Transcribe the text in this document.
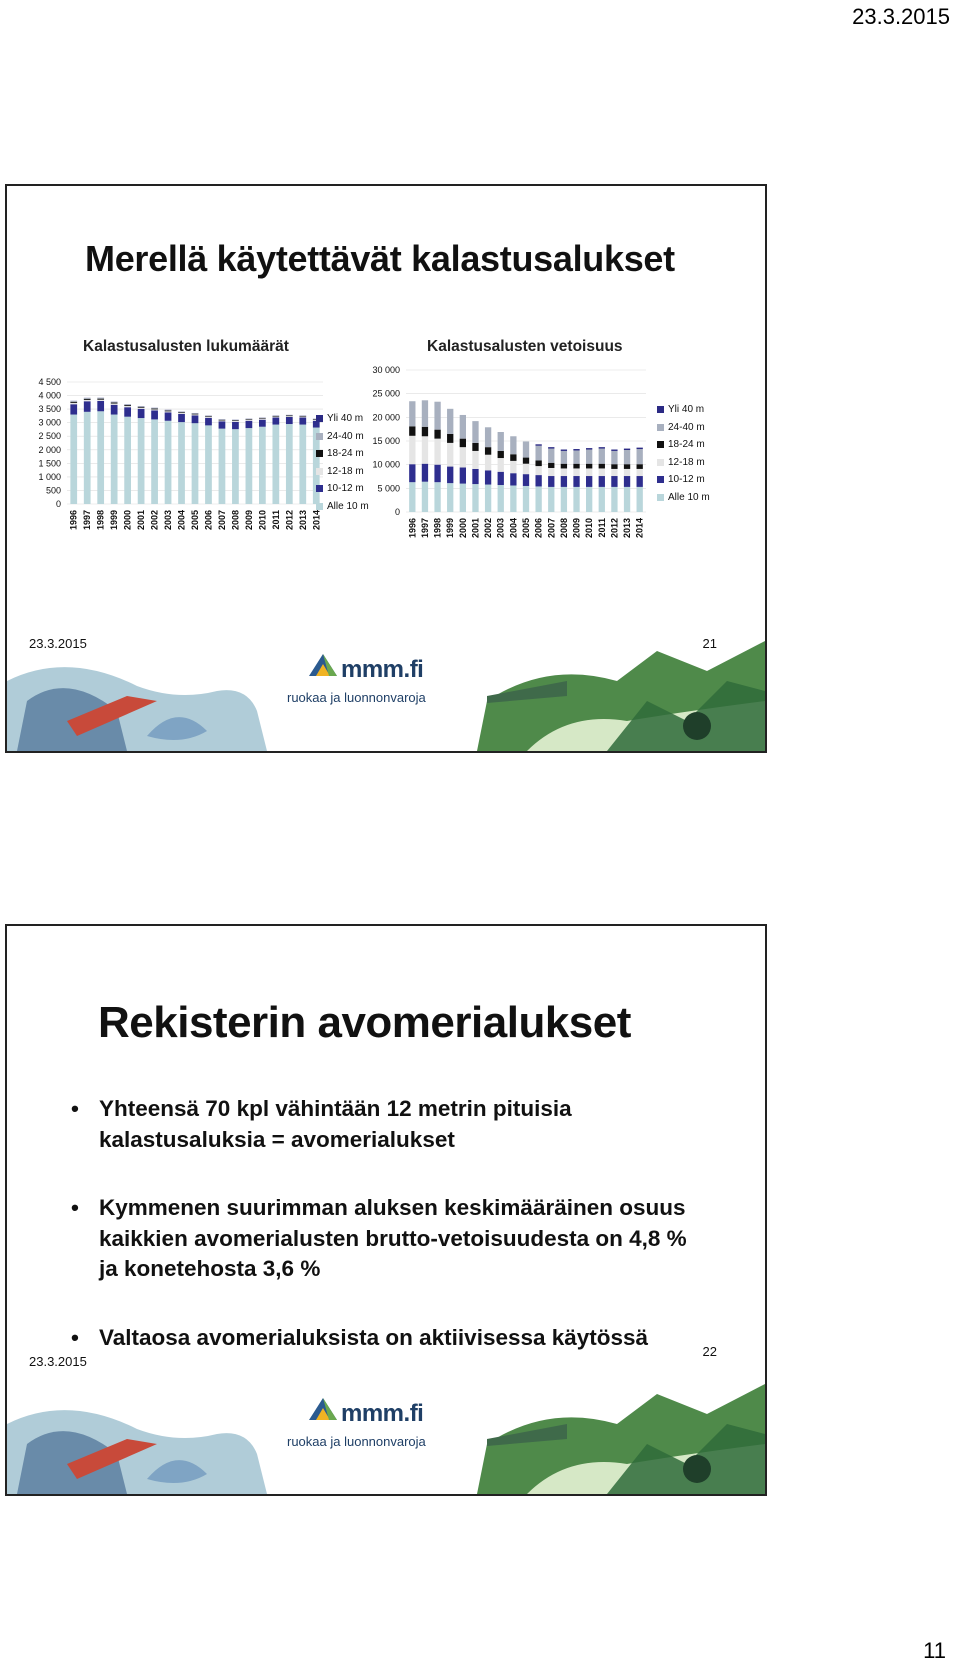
23.3.2015
Merellä käytettävät kalastusalukset
Kalastusalusten lukumäärät	Kalastusalusten vetoisuus
0
500
1 000
1 500
2 000
2 500
3 000
3 500
4 000
4 500
1996 1997 1998 1999 2000 2001 2002 2003 2004 2005 2006 2007 2008 2009 2010 2011 2012 2013 2014
Yli 40 m
24-40 m
18-24 m
12-18 m
10-12 m
Alle 10 m
0
5 000
10 000
15 000
20 000
25 000
30 000
1996 1997 1998 1999 2000 2001 2002 2003 2004 2005 2006 2007 2008 2009 2010 2011 2012 2013 2014
Yli 40 m
24-40 m
18-24 m
12-18 m
10-12 m
Alle 10 m
23.3.2015	21
mmm.fi
ruokaa ja luonnonvaroja
Rekisterin avomerialukset
• Yhteensä 70 kpl vähintään 12 metrin pituisia kalastusaluksia = avomerialukset
• Kymmenen suurimman aluksen keskimääräinen osuus kaikkien avomerialusten brutto-vetoisuudesta on 4,8 % ja konetehosta 3,6 %
• Valtaosa avomerialuksista on aktiivisessa käytössä
23.3.2015
22
mmm.fi
ruokaa ja luonnonvaroja
11
